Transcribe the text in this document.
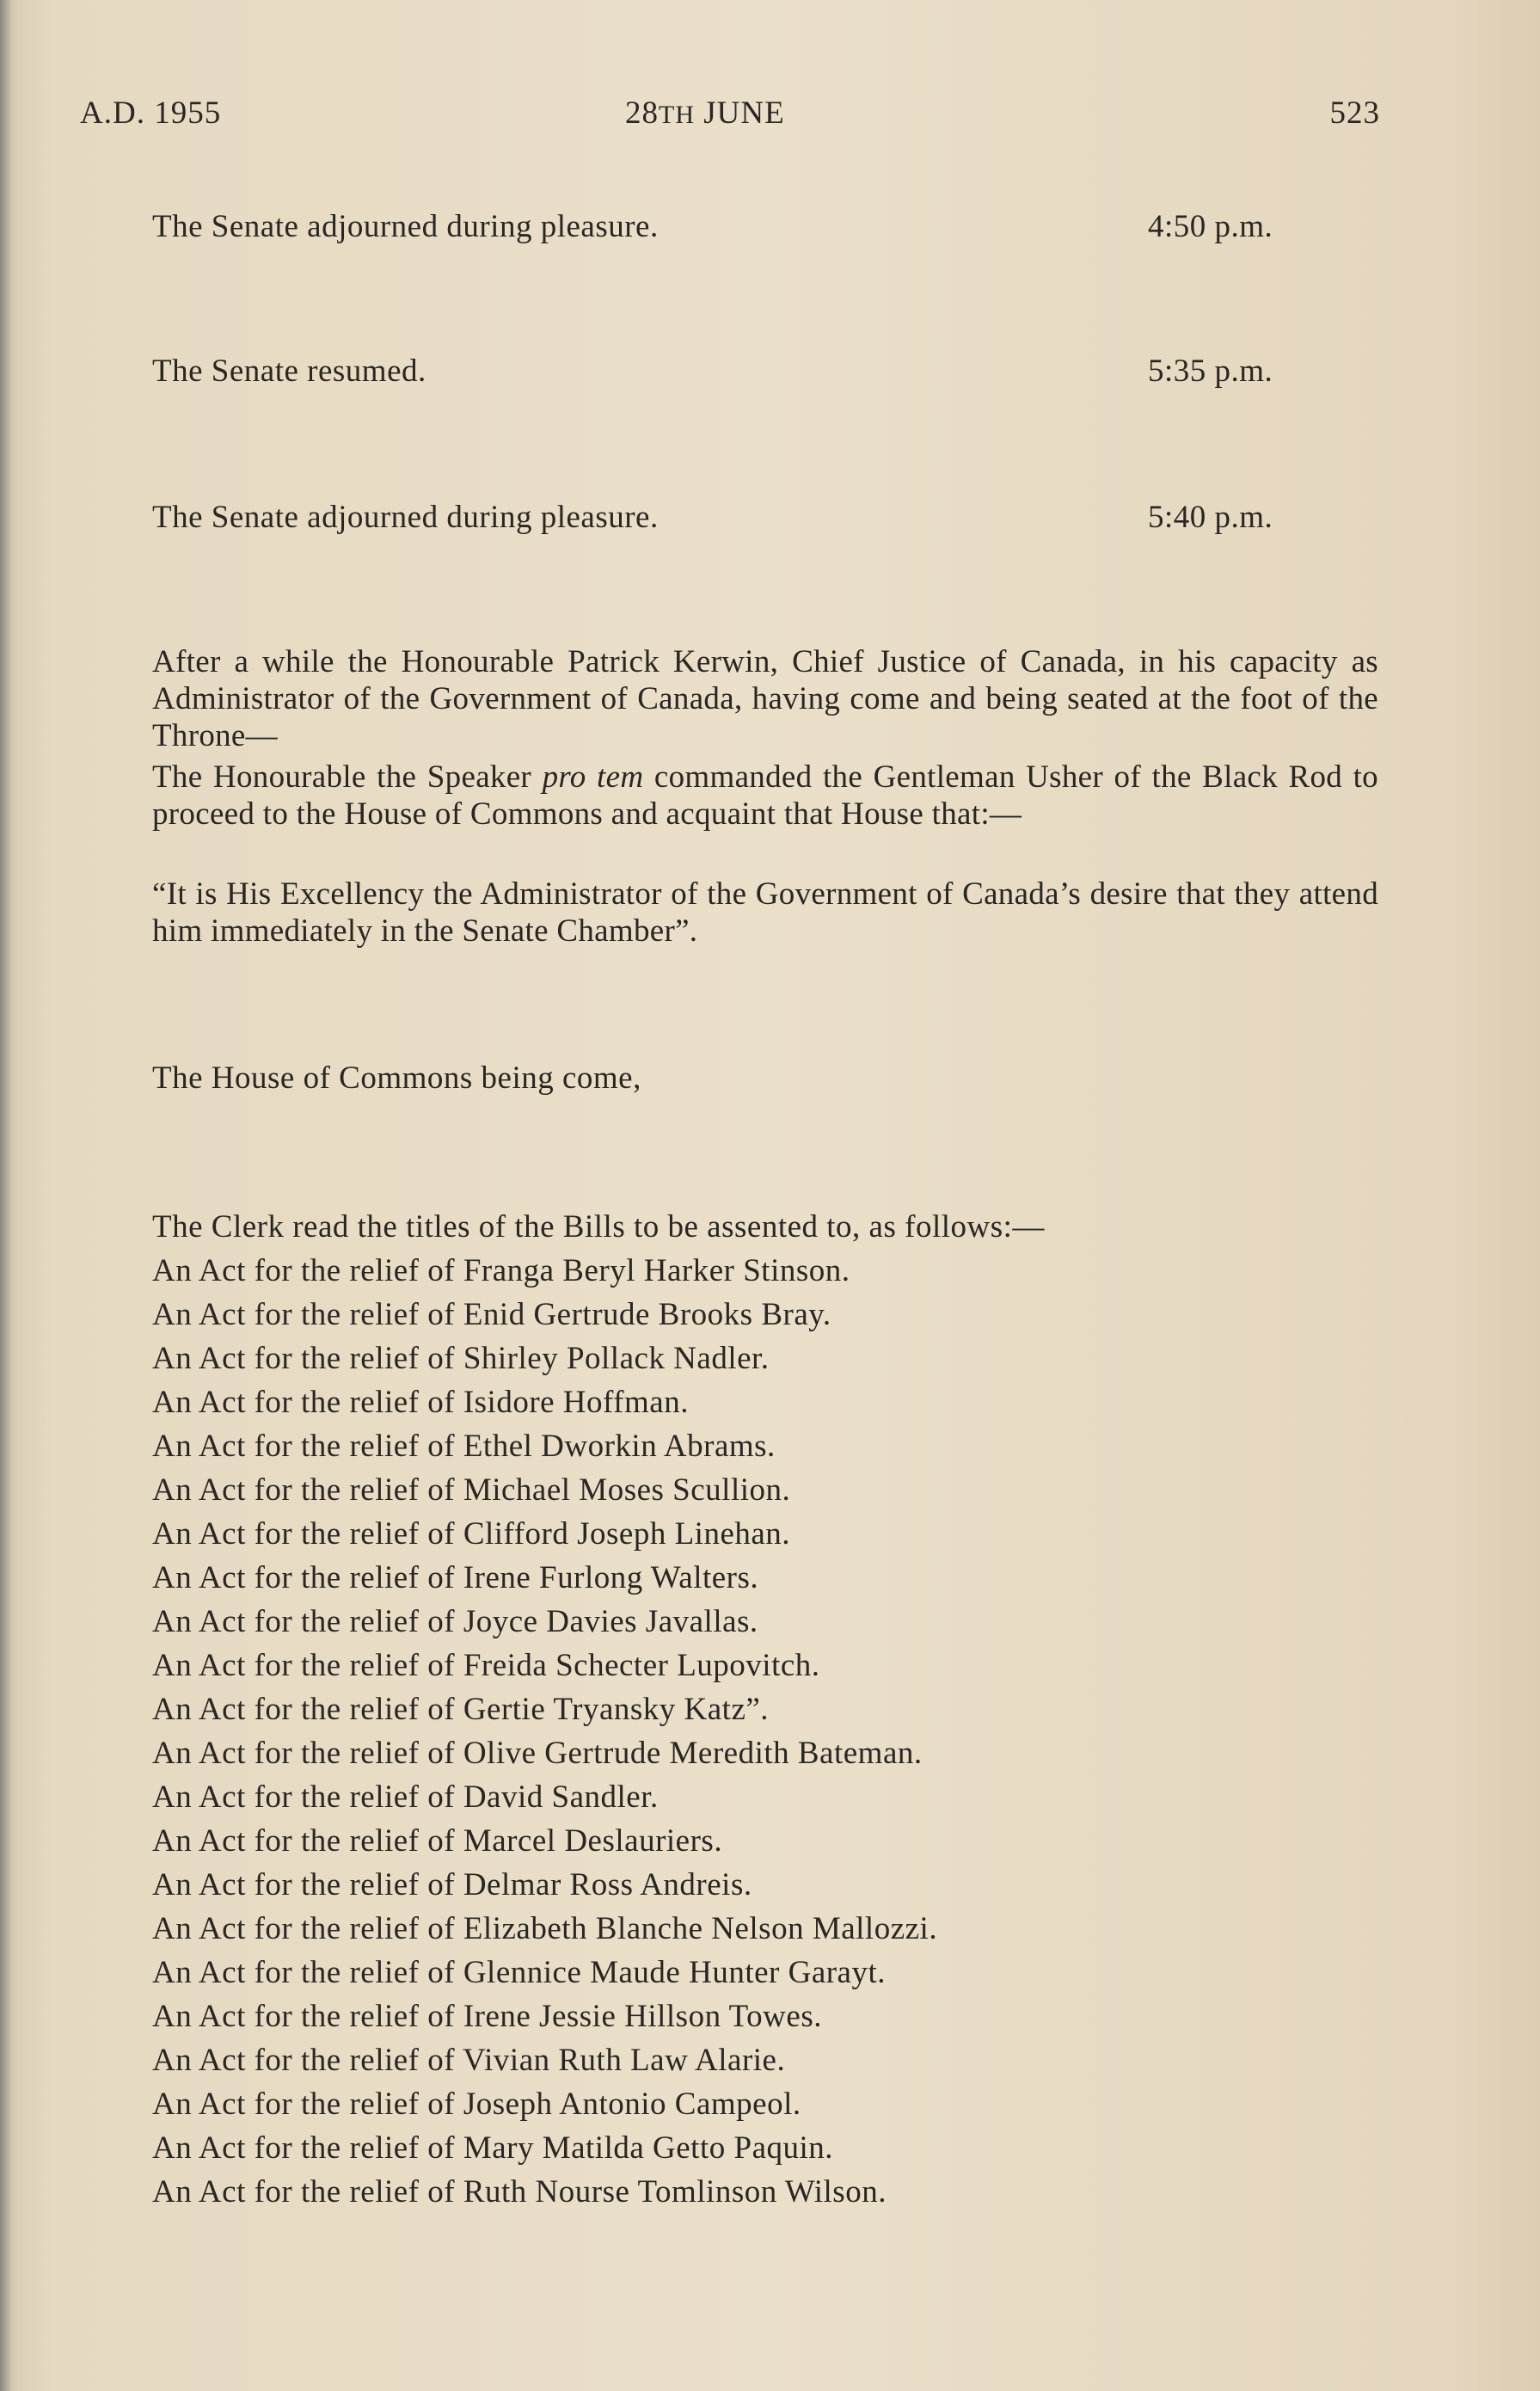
A.D. 1955	28TH JUNE	523
The Senate adjourned during pleasure.	4:50 p.m.
The Senate resumed.	5:35 p.m.
The Senate adjourned during pleasure.	5:40 p.m.
After a while the Honourable Patrick Kerwin, Chief Justice of Canada, in his capacity as Administrator of the Government of Canada, having come and being seated at the foot of the Throne—
The Honourable the Speaker pro tem commanded the Gentleman Usher of the Black Rod to proceed to the House of Commons and acquaint that House that:—
“It is His Excellency the Administrator of the Government of Canada’s desire that they attend him immediately in the Senate Chamber”.
The House of Commons being come,
The Clerk read the titles of the Bills to be assented to, as follows:—
An Act for the relief of Franga Beryl Harker Stinson.
An Act for the relief of Enid Gertrude Brooks Bray.
An Act for the relief of Shirley Pollack Nadler.
An Act for the relief of Isidore Hoffman.
An Act for the relief of Ethel Dworkin Abrams.
An Act for the relief of Michael Moses Scullion.
An Act for the relief of Clifford Joseph Linehan.
An Act for the relief of Irene Furlong Walters.
An Act for the relief of Joyce Davies Javallas.
An Act for the relief of Freida Schecter Lupovitch.
An Act for the relief of Gertie Tryansky Katz”.
An Act for the relief of Olive Gertrude Meredith Bateman.
An Act for the relief of David Sandler.
An Act for the relief of Marcel Deslauriers.
An Act for the relief of Delmar Ross Andreis.
An Act for the relief of Elizabeth Blanche Nelson Mallozzi.
An Act for the relief of Glennice Maude Hunter Garayt.
An Act for the relief of Irene Jessie Hillson Towes.
An Act for the relief of Vivian Ruth Law Alarie.
An Act for the relief of Joseph Antonio Campeol.
An Act for the relief of Mary Matilda Getto Paquin.
An Act for the relief of Ruth Nourse Tomlinson Wilson.
